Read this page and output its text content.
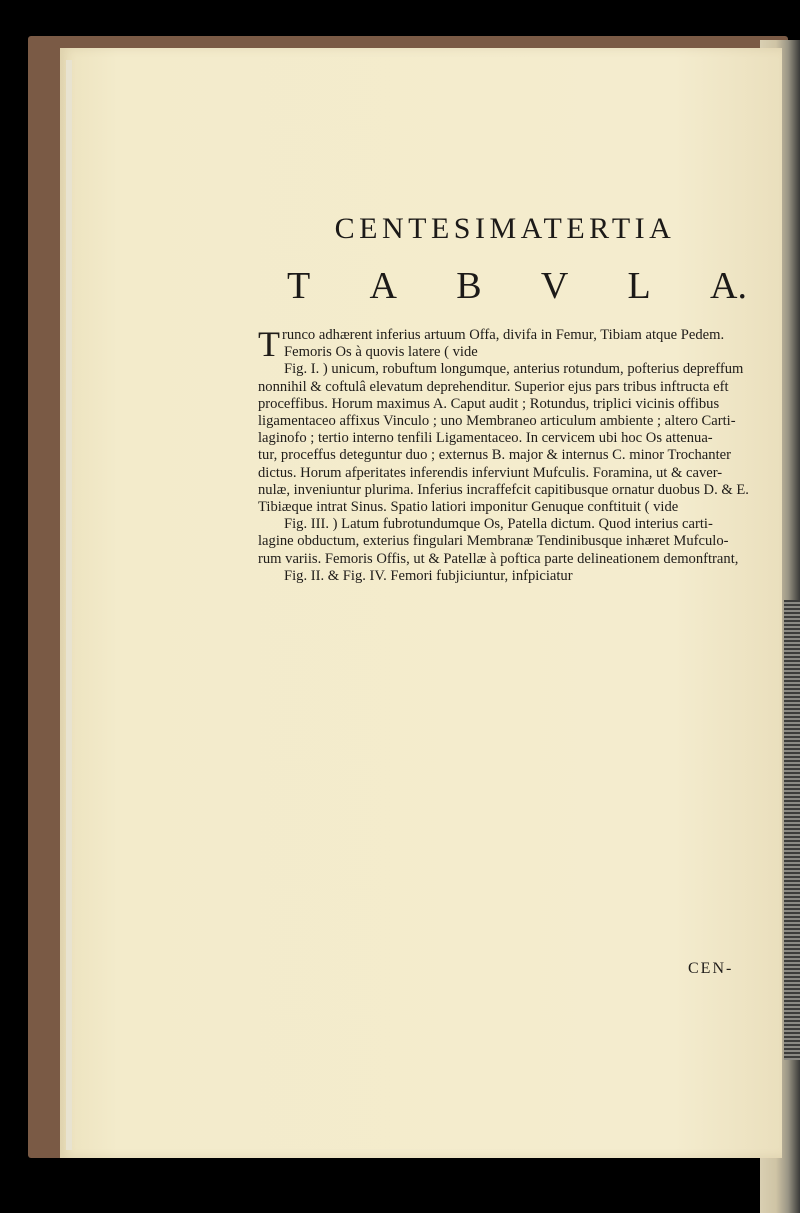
CENTESIMATERTIA
T A B V L A.
T runco adhærent inferius artuum Offa, divifa in Femur, Tibiam atque Pedem.

Femoris Os à quovis latere ( vide

Fig. I. ) unicum, robuftum longumque, anterius rotundum, pofterius depreffum

nonnihil & coftulâ elevatum deprehenditur. Superior ejus pars tribus inftructa eft

proceffibus. Horum maximus A. Caput audit ; Rotundus, triplici vicinis offibus

ligamentaceo affixus Vinculo ; uno Membraneo articulum ambiente ; altero Carti-

laginofo ; tertio interno tenfili Ligamentaceo. In cervicem ubi hoc Os attenua-

tur, proceffus deteguntur duo ; externus B. major & internus C. minor Trochanter

dictus. Horum afperitates inferendis inferviunt Mufculis. Foramina, ut & caver-

nulæ, inveniuntur plurima. Inferius incraffefcit capitibusque ornatur duobus D. & E.

Tibiæque intrat Sinus. Spatio latiori imponitur Genuque conftituit ( vide

Fig. III. ) Latum fubrotundumque Os, Patella dictum. Quod interius carti-

lagine obductum, exterius fingulari Membranæ Tendinibusque inhæret Mufculo-

rum variis. Femoris Offis, ut & Patellæ à poftica parte delineationem demonftrant,

Fig. II. & Fig. IV. Femori fubjiciuntur, infpiciatur

CEN-
